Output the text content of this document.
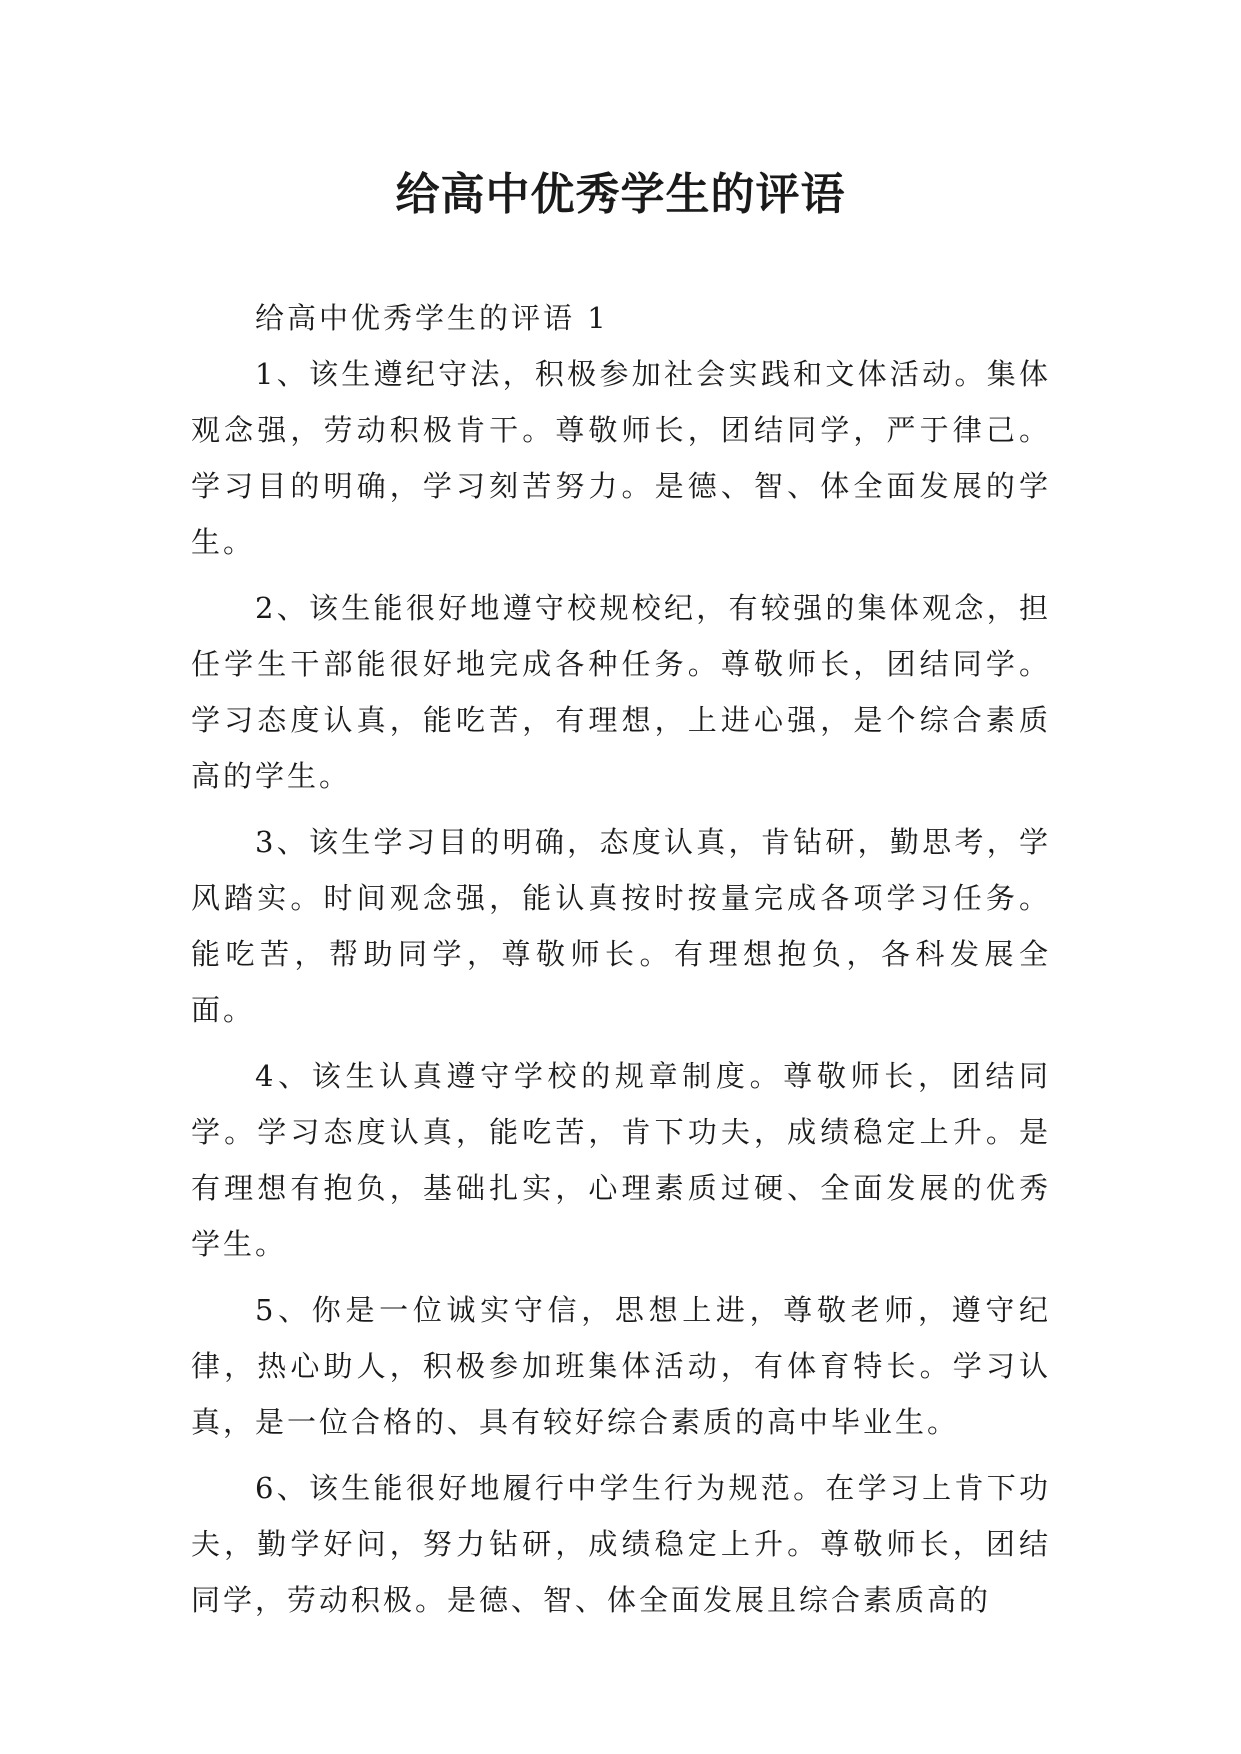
给高中优秀学生的评语

给高中优秀学生的评语 1

1、该生遵纪守法，积极参加社会实践和文体活动。集体观念强，劳动积极肯干。尊敬师长，团结同学，严于律己。学习目的明确，学习刻苦努力。是德、智、体全面发展的学生。

2、该生能很好地遵守校规校纪，有较强的集体观念，担任学生干部能很好地完成各种任务。尊敬师长，团结同学。学习态度认真，能吃苦，有理想，上进心强，是个综合素质高的学生。

3、该生学习目的明确，态度认真，肯钻研，勤思考，学风踏实。时间观念强，能认真按时按量完成各项学习任务。能吃苦，帮助同学，尊敬师长。有理想抱负，各科发展全面。

4、该生认真遵守学校的规章制度。尊敬师长，团结同学。学习态度认真，能吃苦，肯下功夫，成绩稳定上升。是有理想有抱负，基础扎实，心理素质过硬、全面发展的优秀学生。

5、你是一位诚实守信，思想上进，尊敬老师，遵守纪律，热心助人，积极参加班集体活动，有体育特长。学习认真，是一位合格的、具有较好综合素质的高中毕业生。

6、该生能很好地履行中学生行为规范。在学习上肯下功夫，勤学好问，努力钻研，成绩稳定上升。尊敬师长，团结同学，劳动积极。是德、智、体全面发展且综合素质高的
